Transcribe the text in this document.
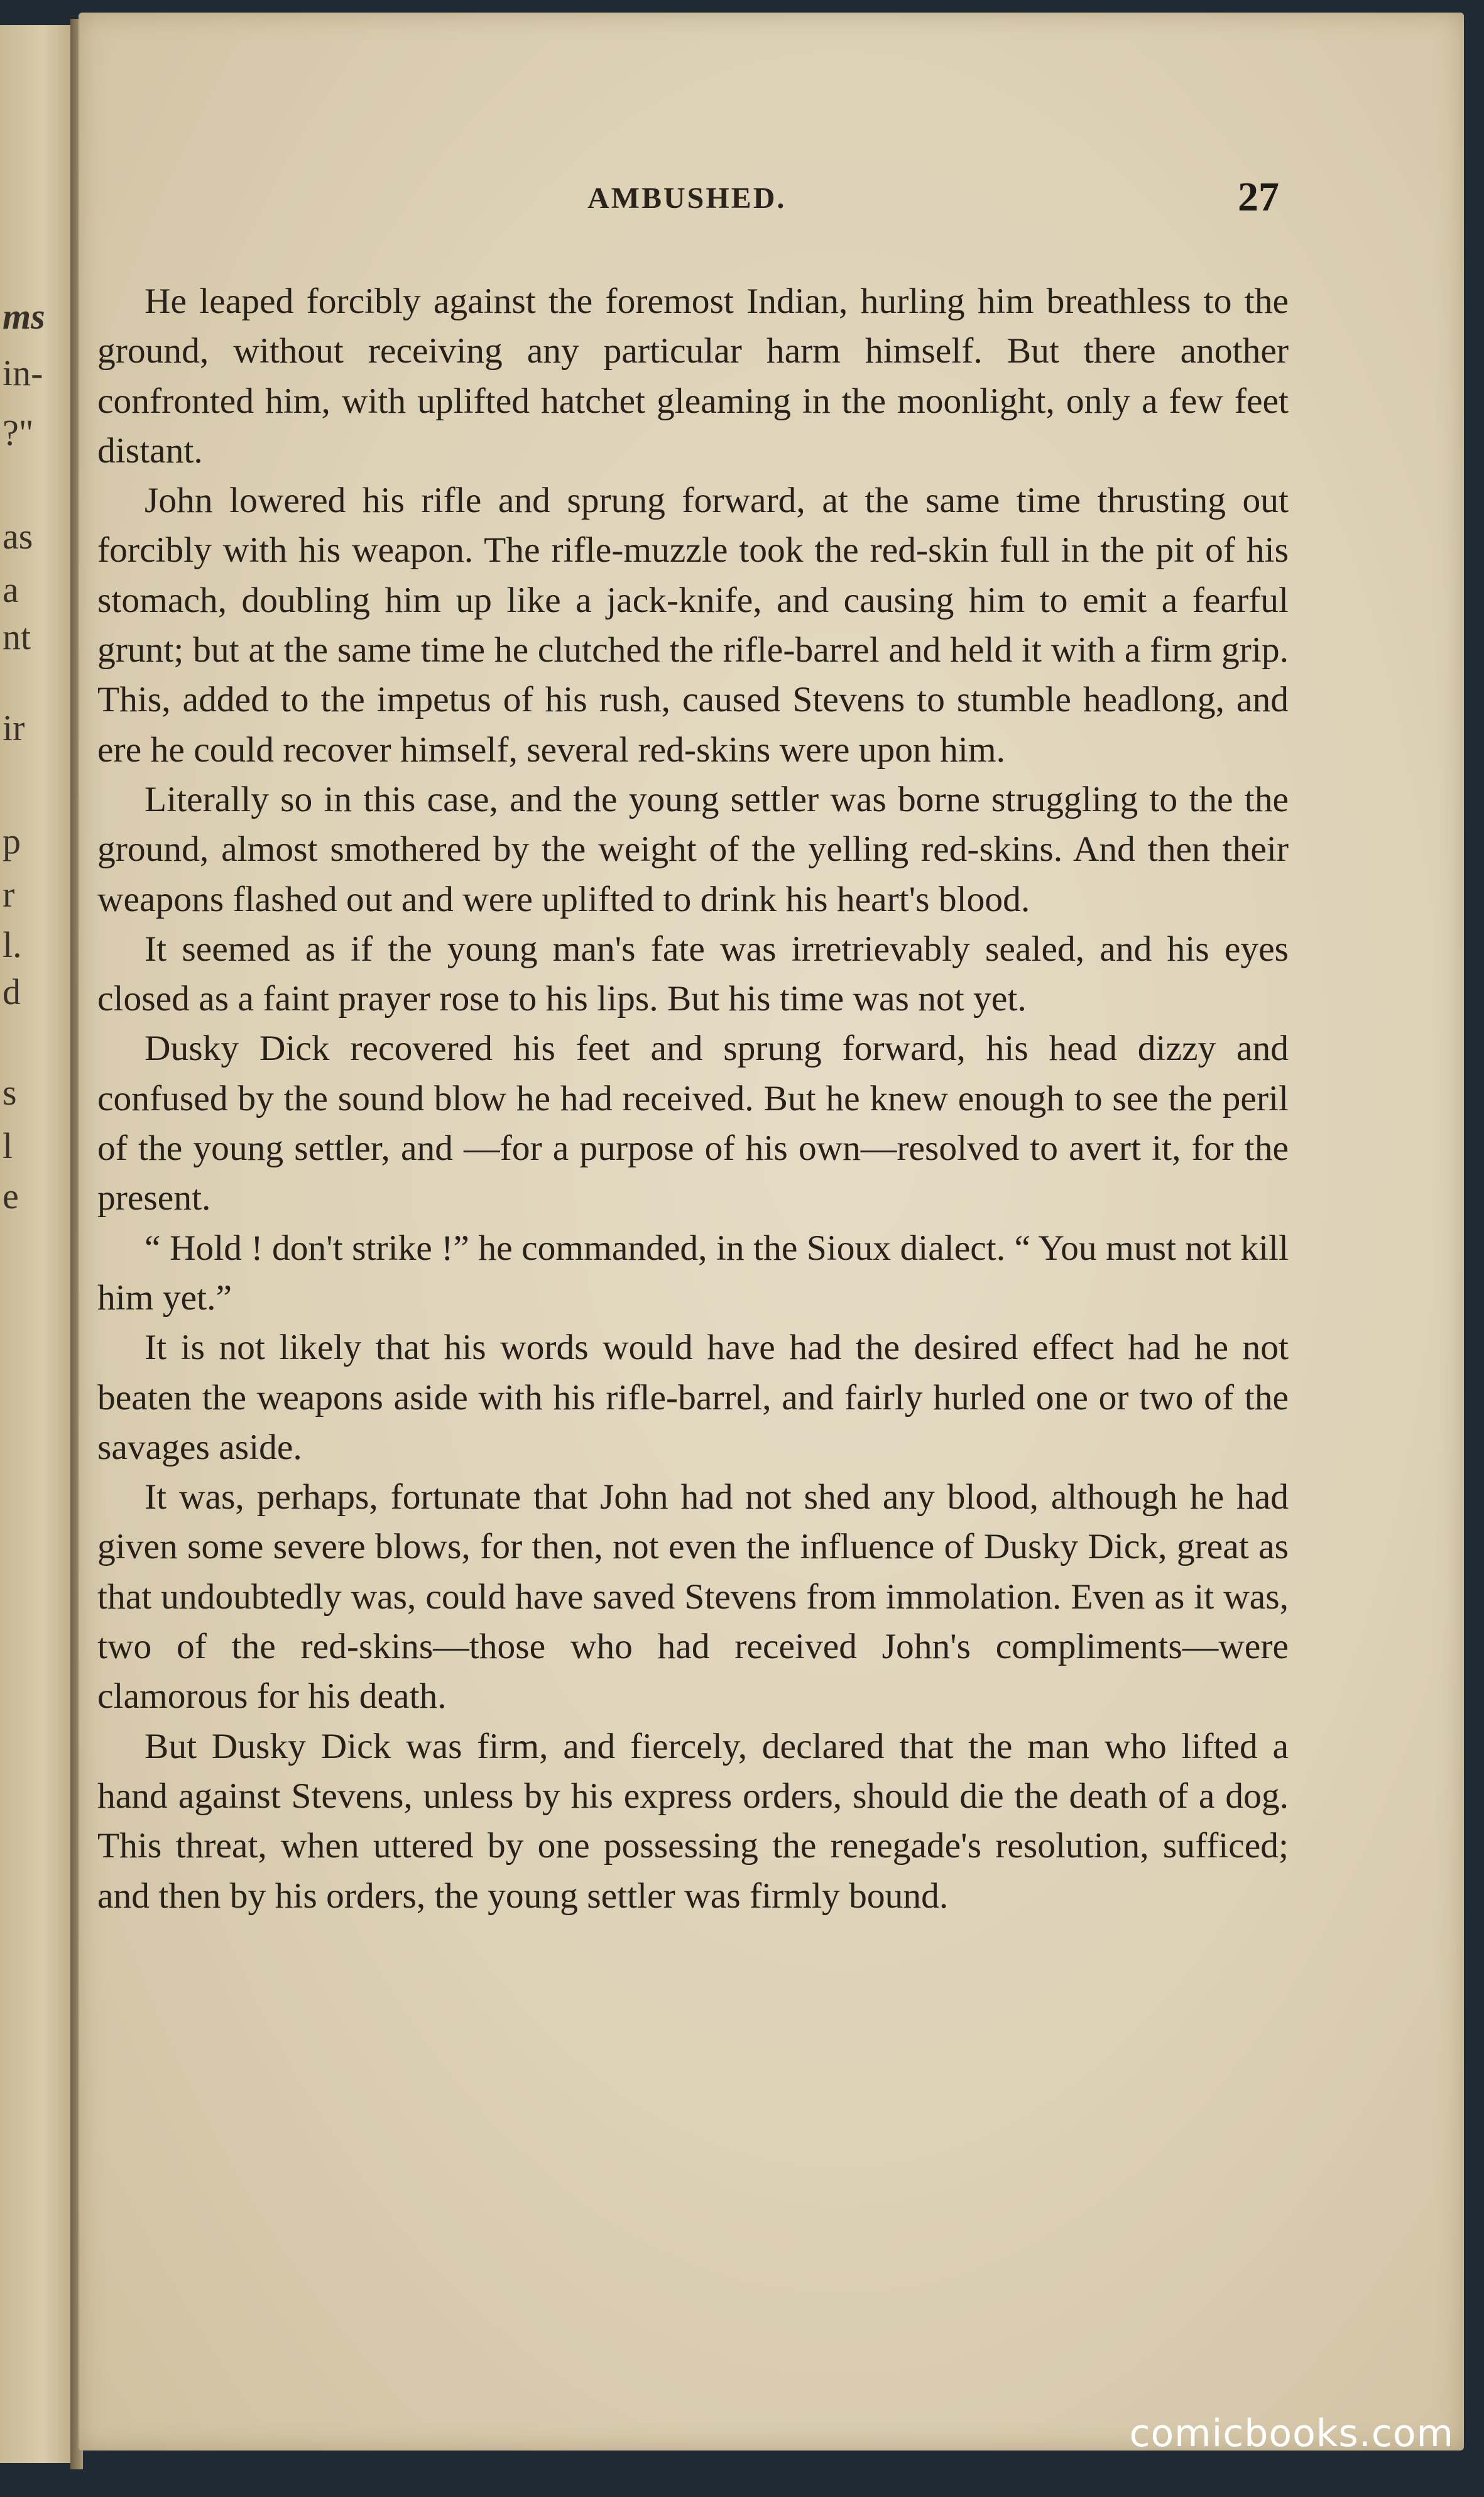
ms
in-
?"
as
a
nt
ir
p
r
l.
d
s
l
e
AMBUSHED.	27

He leaped forcibly against the foremost Indian, hurling him breathless to the ground, without receiving any particular harm himself. But there another confronted him, with uplifted hatchet gleaming in the moonlight, only a few feet distant.

John lowered his rifle and sprung forward, at the same time thrusting out forcibly with his weapon. The rifle-muzzle took the red-skin full in the pit of his stomach, doubling him up like a jack-knife, and causing him to emit a fearful grunt; but at the same time he clutched the rifle-barrel and held it with a firm grip. This, added to the impetus of his rush, caused Stevens to stumble headlong, and ere he could recover himself, several red-skins were upon him.

Literally so in this case, and the young settler was borne struggling to the the ground, almost smothered by the weight of the yelling red-skins. And then their weapons flashed out and were uplifted to drink his heart's blood.

It seemed as if the young man's fate was irretrievably sealed, and his eyes closed as a faint prayer rose to his lips. But his time was not yet.

Dusky Dick recovered his feet and sprung forward, his head dizzy and confused by the sound blow he had received. But he knew enough to see the peril of the young settler, and —for a purpose of his own—resolved to avert it, for the present.

“ Hold ! don't strike !” he commanded, in the Sioux dialect. “ You must not kill him yet.”

It is not likely that his words would have had the desired effect had he not beaten the weapons aside with his rifle-barrel, and fairly hurled one or two of the savages aside.

It was, perhaps, fortunate that John had not shed any blood, although he had given some severe blows, for then, not even the influence of Dusky Dick, great as that undoubtedly was, could have saved Stevens from immolation. Even as it was, two of the red-skins—those who had received John's compliments—were clamorous for his death.

But Dusky Dick was firm, and fiercely, declared that the man who lifted a hand against Stevens, unless by his express orders, should die the death of a dog. This threat, when uttered by one possessing the renegade's resolution, sufficed; and then by his orders, the young settler was firmly bound.

comicbooks.com
